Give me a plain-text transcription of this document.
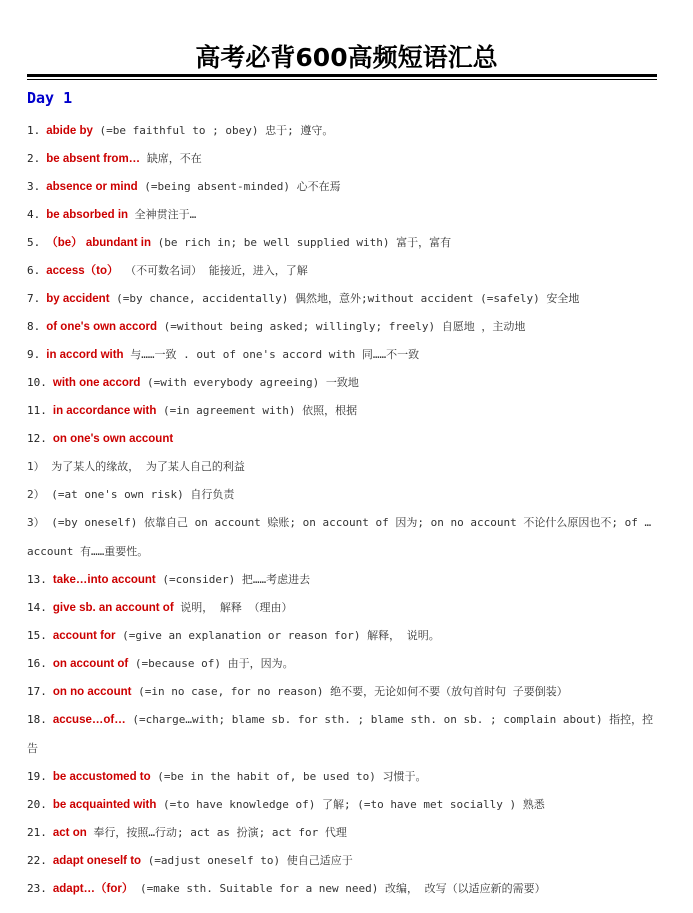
高考必背600高频短语汇总
Day 1
1. abide by (=be faithful to ; obey) 忠于; 遵守。
2. be absent from… 缺席，不在
3. absence or mind (=being absent-minded) 心不在焉
4. be absorbed in 全神贯注于…
5. （be） abundant in (be rich in; be well supplied with) 富于，富有
6. access（to） （不可数名词） 能接近，进入，了解
7. by accident (=by chance, accidentally) 偶然地，意外;without accident (=safely) 安全地
8. of one's own accord (=without being asked; willingly; freely) 自愿地 ，主动地
9. in accord with 与……一致 . out of one's accord with 同……不一致
10. with one accord (=with everybody agreeing) 一致地
11. in accordance with (=in agreement with) 依照，根据
12. on one's own account
1） 为了某人的缘故， 为了某人自己的利益
2） (=at one's own risk) 自行负责
3） (=by oneself) 依靠自己 on account 赊账; on account of 因为; on no account 不论什么原因也不; of …
account 有……重要性。
13. take…into account (=consider) 把……考虑进去
14. give sb. an account of 说明， 解释 （理由）
15. account for (=give an explanation or reason for) 解释， 说明。
16. on account of (=because of) 由于，因为。
17. on no account (=in no case, for no reason) 绝不要，无论如何不要（放句首时句 子要倒装）
18. accuse…of… (=charge…with; blame sb. for sth. ; blame sth. on sb. ; complain about) 指控，控
告
19. be accustomed to (=be in the habit of, be used to) 习惯于。
20. be acquainted with (=to have knowledge of) 了解; (=to have met socially ) 熟悉
21. act on 奉行，按照…行动; act as 扮演; act for 代理
22. adapt oneself to (=adjust oneself to) 使自己适应于
23. adapt…（for） (=make sth. Suitable for a new need) 改编， 改写（以适应新的需要）
